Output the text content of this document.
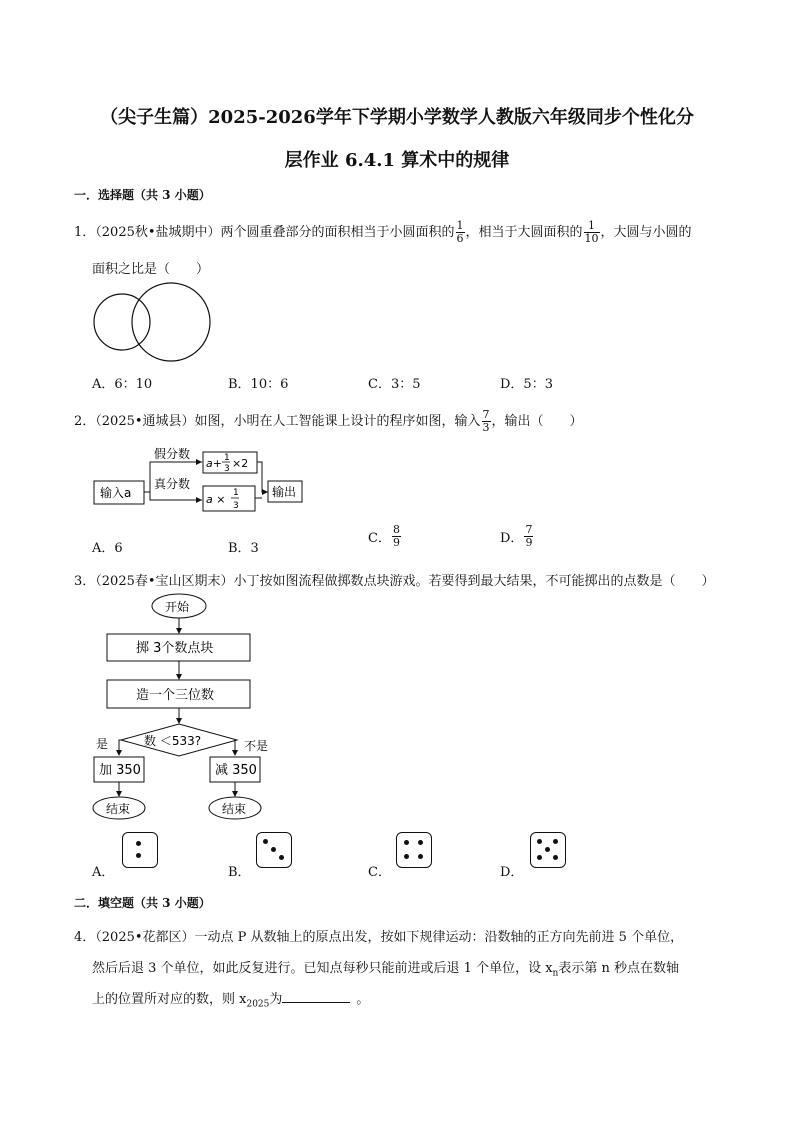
（尖子生篇）2025-2026学年下学期小学数学人教版六年级同步个性化分
层作业 6.4.1 算术中的规律
一．选择题（共 3 小题）
1．（2025秋•盐城期中）两个圆重叠部分的面积相当于小圆面积的 $\frac{1}{6}$ ，相当于大圆面积的 $\frac{1}{10}$ ，大圆与小圆的
面积之比是（　　）
A．6：10	B．10：6	C．3：5	D．5：3
2．（2025•通城县）如图，小明在人工智能课上设计的程序如图，输入 $\frac{7}{3}$ ，输出（　　）
输入a
假分数
真分数
a+ 1
3 ×2
a × 1
3
输出
A．6	B．3
C． $\frac{8}{9}$	D． $\frac{7}{9}$
3．（2025春•宝山区期末）小丁按如图流程做掷数点块游戏。若要得到最大结果，不可能掷出的点数是（　　）
开始
掷 3个数点块
造一个三位数
数 ＜533?
是	不是
加 350	减 350
结束	结束
A．	B．	C．	D．
二．填空题（共 3 小题）
4．（2025•花都区）一动点 P 从数轴上的原点出发，按如下规律运动：沿数轴的正方向先前进 5 个单位，
然后后退 3 个单位，如此反复进行。已知点每秒只能前进或后退 1 个单位，设 $x_n$表示第 n 秒点在数轴
上的位置所对应的数，则 $x_{2025}$为	。
